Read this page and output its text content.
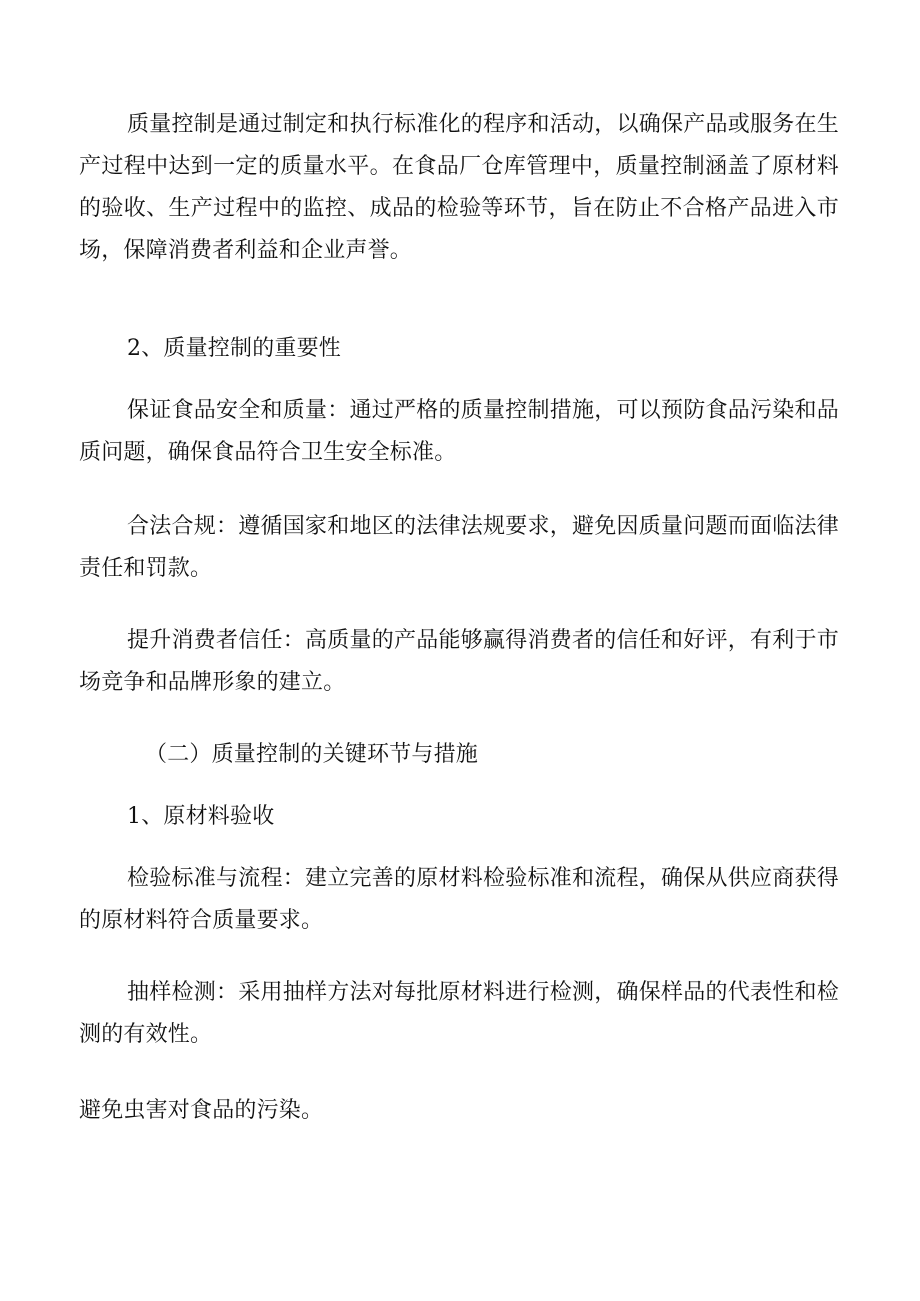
质量控制是通过制定和执行标准化的程序和活动，以确保产品或服务在生产过程中达到一定的质量水平。在食品厂仓库管理中，质量控制涵盖了原材料的验收、生产过程中的监控、成品的检验等环节，旨在防止不合格产品进入市场，保障消费者利益和企业声誉。

2、质量控制的重要性

保证食品安全和质量：通过严格的质量控制措施，可以预防食品污染和品质问题，确保食品符合卫生安全标准。

合法合规：遵循国家和地区的法律法规要求，避免因质量问题而面临法律责任和罚款。

提升消费者信任：高质量的产品能够赢得消费者的信任和好评，有利于市场竞争和品牌形象的建立。

（二）质量控制的关键环节与措施

1、原材料验收

检验标准与流程：建立完善的原材料检验标准和流程，确保从供应商获得的原材料符合质量要求。

抽样检测：采用抽样方法对每批原材料进行检测，确保样品的代表性和检测的有效性。

避免虫害对食品的污染。
